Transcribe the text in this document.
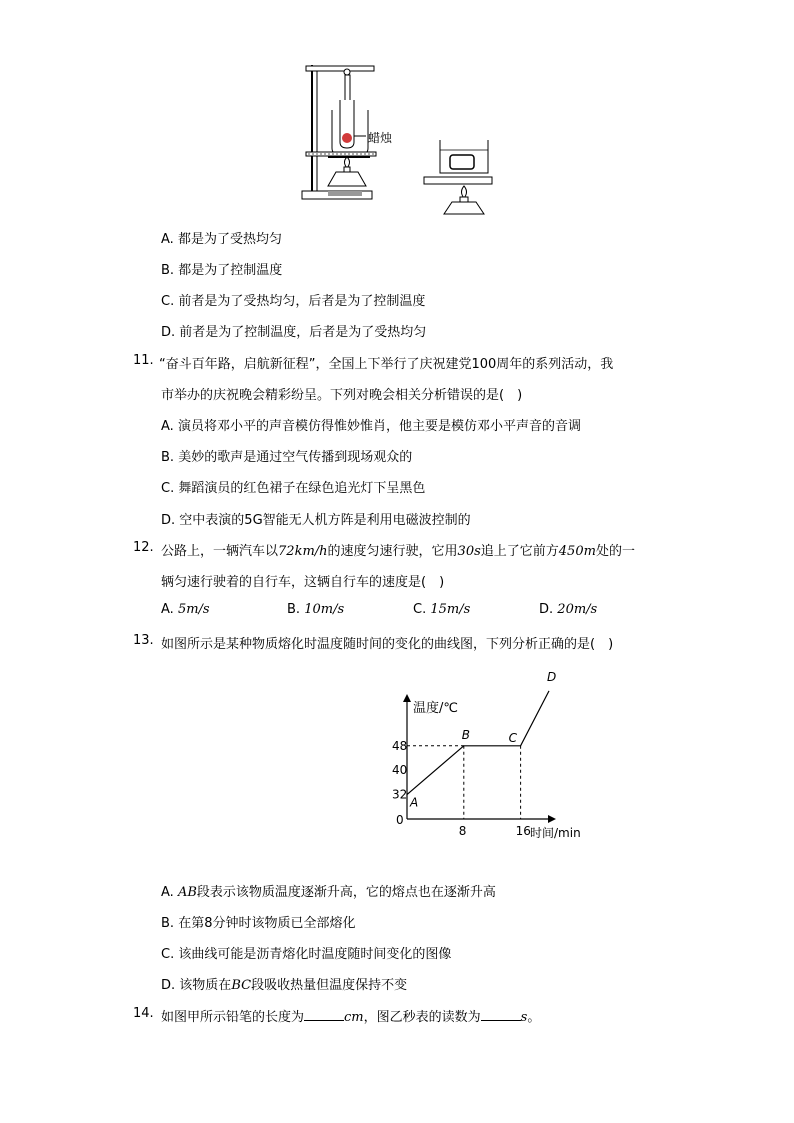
蜡烛
A. 都是为了受热均匀
B. 都是为了控制温度
C. 前者是为了受热均匀，后者是为了控制温度
D. 前者是为了控制温度，后者是为了受热均匀
11. “奋斗百年路，启航新征程”，全国上下举行了庆祝建党100周年的系列活动，我
市举办的庆祝晚会精彩纷呈。下列对晚会相关分析错误的是(　)
A. 演员将邓小平的声音模仿得惟妙惟肖，他主要是模仿邓小平声音的音调
B. 美妙的歌声是通过空气传播到现场观众的
C. 舞蹈演员的红色裙子在绿色追光灯下呈黑色
D. 空中表演的5G智能无人机方阵是利用电磁波控制的
12. 公路上，一辆汽车以72km/h的速度匀速行驶，它用30s追上了它前方450m处的一
辆匀速行驶着的自行车，这辆自行车的速度是(　)
A. 5m/s	B. 10m/s	C. 15m/s	D. 20m/s
13. 如图所示是某种物质熔化时温度随时间的变化的曲线图，下列分析正确的是(　)
温度/℃
时间/min
0
32
40
48
8	16
A
B	C
D
A. AB段表示该物质温度逐渐升高，它的熔点也在逐渐升高
B. 在第8分钟时该物质已全部熔化
C. 该曲线可能是沥青熔化时温度随时间变化的图像
D. 该物质在BC段吸收热量但温度保持不变
14. 如图甲所示铅笔的长度为	cm，图乙秒表的读数为	s。
